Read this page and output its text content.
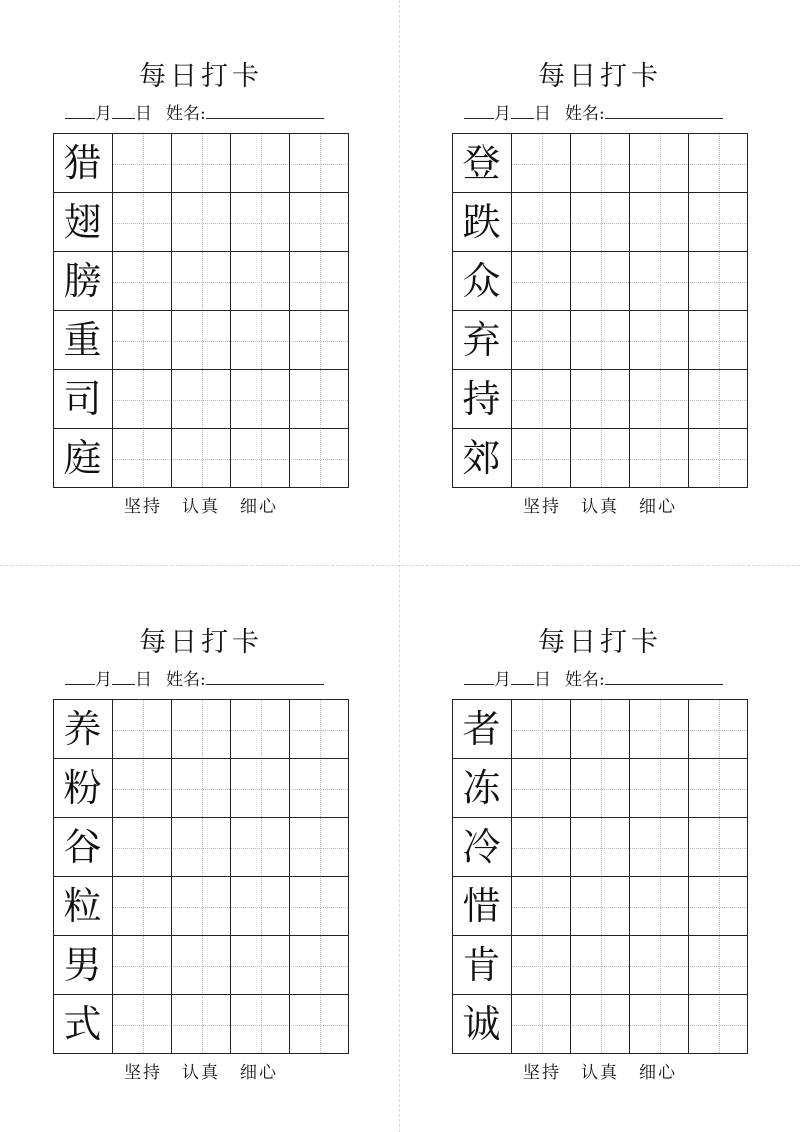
每日打卡
月 日 姓名:
猎
翅
膀
重
司
庭
坚持 认真 细心
每日打卡
月 日 姓名:
登
跌
众
弃
持
郊
坚持 认真 细心
每日打卡
月 日 姓名:
养
粉
谷
粒
男
式
坚持 认真 细心
每日打卡
月 日 姓名:
者
冻
冷
惜
肯
诚
坚持 认真 细心
